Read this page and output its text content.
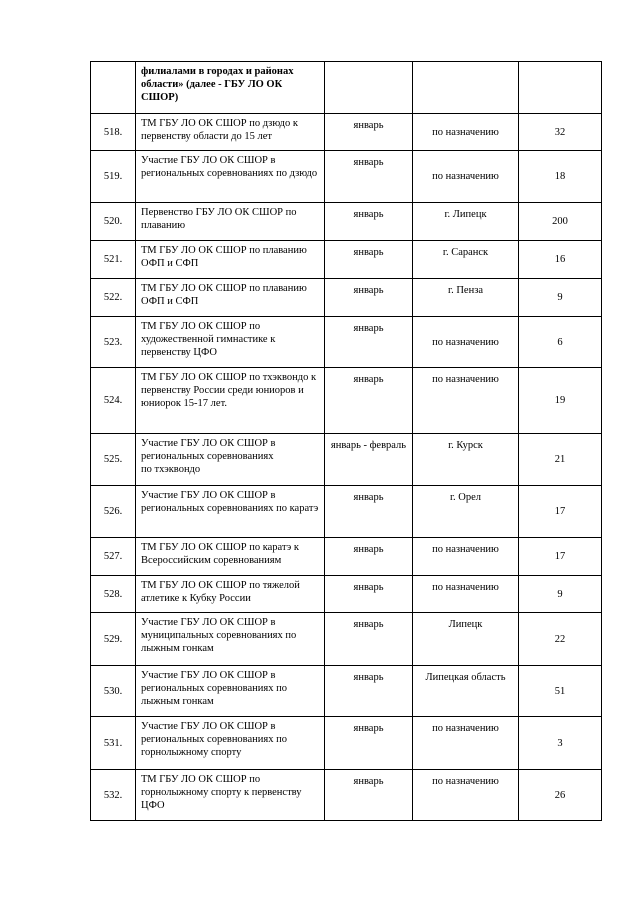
	филиалами в городах и районах области» (далее - ГБУ ЛО ОК СШОР)			

518.	ТМ ГБУ ЛО ОК СШОР по дзюдо к первенству области до 15 лет	январь	по назначению	32
519.	Участие ГБУ ЛО ОК СШОР в региональных соревнованиях по дзюдо	январь	по назначению	18
520.	Первенство ГБУ ЛО ОК СШОР по плаванию	январь	г. Липецк	200
521.	ТМ ГБУ ЛО ОК СШОР по плаванию ОФП и СФП	январь	г. Саранск	16
522.	ТМ ГБУ ЛО ОК СШОР по плаванию ОФП и СФП	январь	г. Пенза	9
523.	ТМ ГБУ ЛО ОК СШОР по художественной гимнастике к первенству ЦФО	январь	по назначению	6
524.	ТМ ГБУ ЛО ОК СШОР по тхэквондо к первенству России среди юниоров и юниорок 15-17 лет.	январь	по назначению	19
525.	Участие ГБУ ЛО ОК СШОР в региональных соревнованиях
по тхэквондо	январь - февраль	г. Курск	21
526.	Участие ГБУ ЛО ОК СШОР в региональных соревнованиях по каратэ	январь	г. Орел	17
527.	ТМ ГБУ ЛО ОК СШОР по каратэ к Всероссийским соревнованиям	январь	по назначению	17
528.	ТМ ГБУ ЛО ОК СШОР по тяжелой атлетике к Кубку России	январь	по назначению	9
529.	Участие ГБУ ЛО ОК СШОР в муниципальных соревнованиях по лыжным гонкам	январь	Липецк	22
530.	Участие ГБУ ЛО ОК СШОР в региональных соревнованиях по лыжным гонкам	январь	Липецкая область	51
531.	Участие ГБУ ЛО ОК СШОР в региональных соревнованиях по горнолыжному спорту	январь	по назначению	3
532.	ТМ ГБУ ЛО ОК СШОР по горнолыжному спорту к первенству ЦФО	январь	по назначению	26
